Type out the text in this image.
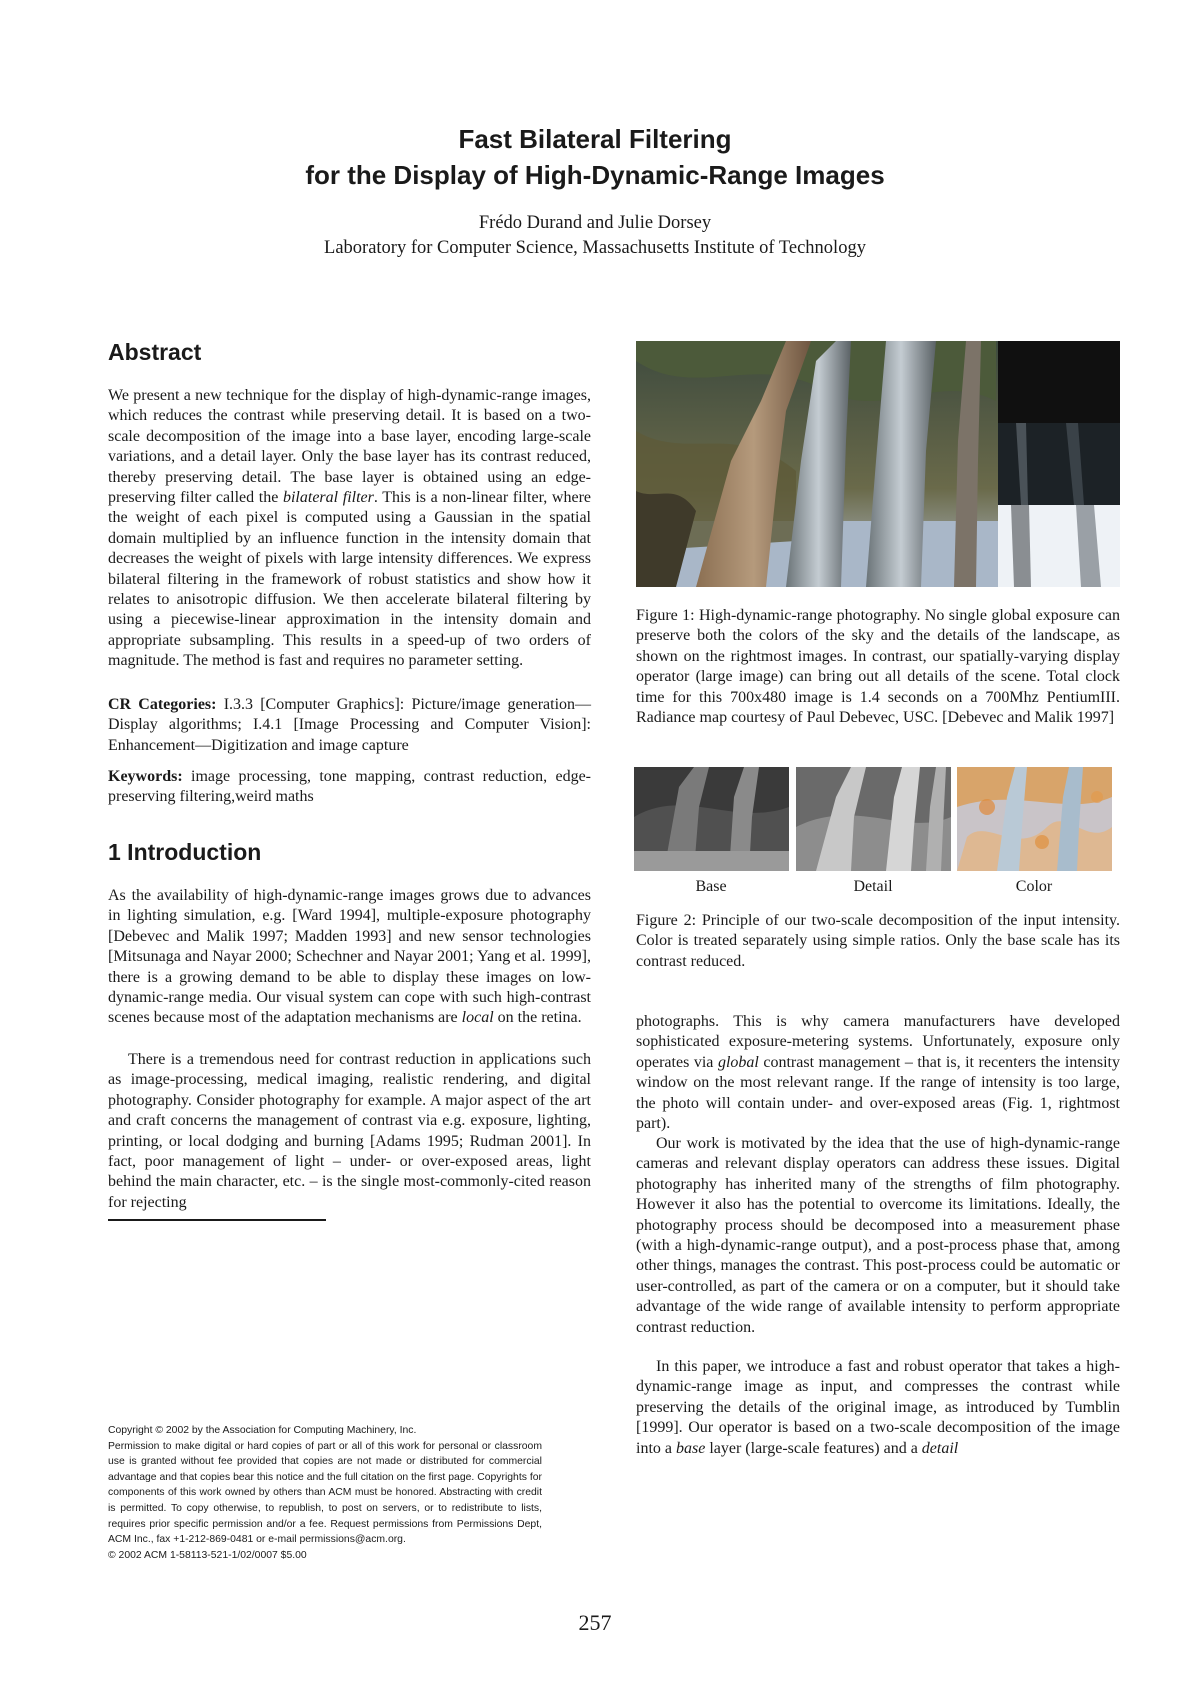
Fast Bilateral Filtering
for the Display of High-Dynamic-Range Images
Frédo Durand and Julie Dorsey
Laboratory for Computer Science, Massachusetts Institute of Technology
Abstract

We present a new technique for the display of high-dynamic-range images, which reduces the contrast while preserving detail. It is based on a two-scale decomposition of the image into a base layer, encoding large-scale variations, and a detail layer. Only the base layer has its contrast reduced, thereby preserving detail. The base layer is obtained using an edge-preserving filter called the bilateral filter. This is a non-linear filter, where the weight of each pixel is computed using a Gaussian in the spatial domain multiplied by an influence function in the intensity domain that decreases the weight of pixels with large intensity differences. We express bilateral filtering in the framework of robust statistics and show how it relates to anisotropic diffusion. We then accelerate bilateral filtering by using a piecewise-linear approximation in the intensity domain and appropriate subsampling. This results in a speed-up of two orders of magnitude. The method is fast and requires no parameter setting.

CR Categories: I.3.3 [Computer Graphics]: Picture/image generation—Display algorithms; I.4.1 [Image Processing and Computer Vision]: Enhancement—Digitization and image capture

Keywords: image processing, tone mapping, contrast reduction, edge-preserving filtering,weird maths

1 Introduction

As the availability of high-dynamic-range images grows due to advances in lighting simulation, e.g. [Ward 1994], multiple-exposure photography [Debevec and Malik 1997; Madden 1993] and new sensor technologies [Mitsunaga and Nayar 2000; Schechner and Nayar 2001; Yang et al. 1999], there is a growing demand to be able to display these images on low-dynamic-range media. Our visual system can cope with such high-contrast scenes because most of the adaptation mechanisms are local on the retina.

There is a tremendous need for contrast reduction in applications such as image-processing, medical imaging, realistic rendering, and digital photography. Consider photography for example. A major aspect of the art and craft concerns the management of contrast via e.g. exposure, lighting, printing, or local dodging and burning [Adams 1995; Rudman 2001]. In fact, poor management of light – under- or over-exposed areas, light behind the main character, etc. – is the single most-commonly-cited reason for rejecting

Copyright © 2002 by the Association for Computing Machinery, Inc.

Permission to make digital or hard copies of part or all of this work for personal or classroom use is granted without fee provided that copies are not made or distributed for commercial advantage and that copies bear this notice and the full citation on the first page. Copyrights for components of this work owned by others than ACM must be honored. Abstracting with credit is permitted. To copy otherwise, to republish, to post on servers, or to redistribute to lists, requires prior specific permission and/or a fee. Request permissions from Permissions Dept, ACM Inc., fax +1-212-869-0481 or e-mail permissions@acm.org.

© 2002 ACM 1-58113-521-1/02/0007 $5.00

Figure 1: High-dynamic-range photography. No single global exposure can preserve both the colors of the sky and the details of the landscape, as shown on the rightmost images. In contrast, our spatially-varying display operator (large image) can bring out all details of the scene. Total clock time for this 700x480 image is 1.4 seconds on a 700Mhz PentiumIII. Radiance map courtesy of Paul Debevec, USC. [Debevec and Malik 1997]

Base	Detail	Color

Figure 2: Principle of our two-scale decomposition of the input intensity. Color is treated separately using simple ratios. Only the base scale has its contrast reduced.

photographs. This is why camera manufacturers have developed sophisticated exposure-metering systems. Unfortunately, exposure only operates via global contrast management – that is, it recenters the intensity window on the most relevant range. If the range of intensity is too large, the photo will contain under- and over-exposed areas (Fig. 1, rightmost part).

Our work is motivated by the idea that the use of high-dynamic-range cameras and relevant display operators can address these issues. Digital photography has inherited many of the strengths of film photography. However it also has the potential to overcome its limitations. Ideally, the photography process should be decomposed into a measurement phase (with a high-dynamic-range output), and a post-process phase that, among other things, manages the contrast. This post-process could be automatic or user-controlled, as part of the camera or on a computer, but it should take advantage of the wide range of available intensity to perform appropriate contrast reduction.

In this paper, we introduce a fast and robust operator that takes a high-dynamic-range image as input, and compresses the contrast while preserving the details of the original image, as introduced by Tumblin [1999]. Our operator is based on a two-scale decomposition of the image into a base layer (large-scale features) and a detail

257
